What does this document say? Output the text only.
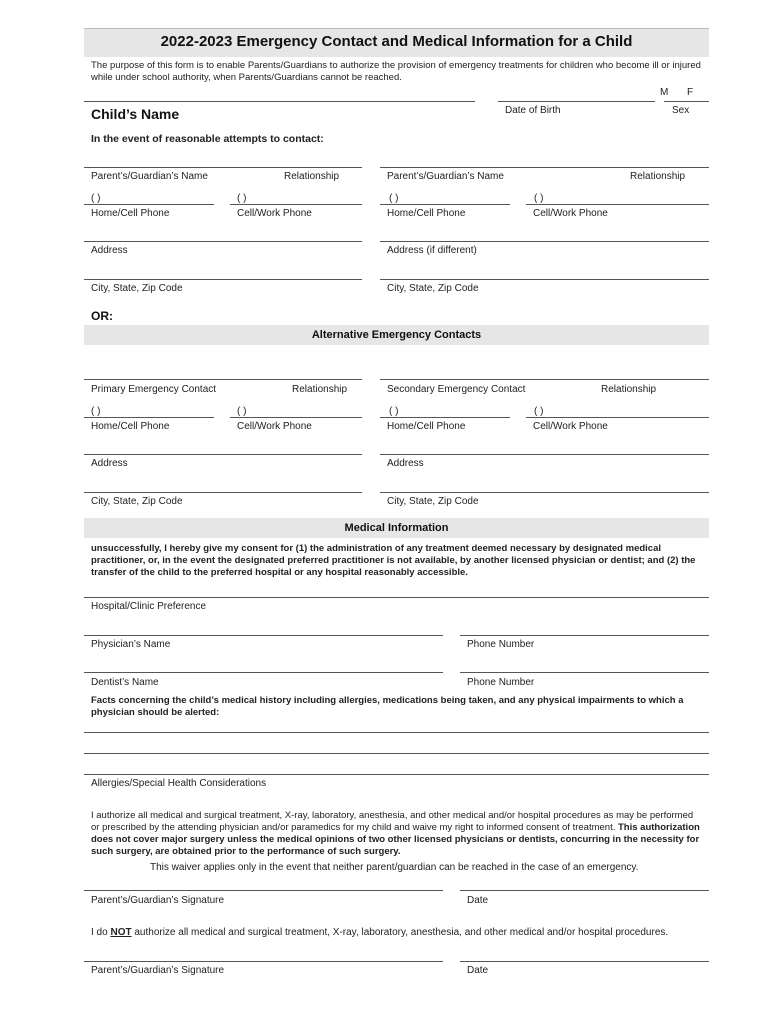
2022-2023 Emergency Contact and Medical Information for a Child
The purpose of this form is to enable Parents/Guardians to authorize the provision of emergency treatments for children who become ill or injured while under school authority, when Parents/Guardians cannot be reached.
M F
Child’s Name	Date of Birth	Sex
In the event of reasonable attempts to contact:
Parent’s/Guardian’s Name	Relationship	Parent’s/Guardian’s Name	Relationship
( )	( )	( )	( )
Home/Cell Phone	Cell/Work Phone	Home/Cell Phone	Cell/Work Phone
Address	Address (if different)
City, State, Zip Code	City, State, Zip Code
OR:
Alternative Emergency Contacts
Primary Emergency Contact	Relationship	Secondary Emergency Contact	Relationship
( )	( )	( )	( )
Home/Cell Phone	Cell/Work Phone	Home/Cell Phone	Cell/Work Phone
Address	Address
City, State, Zip Code	City, State, Zip Code
Medical Information
unsuccessfully, I hereby give my consent for (1) the administration of any treatment deemed necessary by designated medical practitioner, or, in the event the designated preferred practitioner is not available, by another licensed physician or dentist; and (2) the transfer of the child to the preferred hospital or any hospital reasonably accessible.
Hospital/Clinic Preference
Physician’s Name	Phone Number
Dentist’s Name	Phone Number
Facts concerning the child’s medical history including allergies, medications being taken, and any physical impairments to which a physician should be alerted:
Allergies/Special Health Considerations
I authorize all medical and surgical treatment, X-ray, laboratory, anesthesia, and other medical and/or hospital procedures as may be performed or prescribed by the attending physician and/or paramedics for my child and waive my right to informed consent of treatment. This authorization does not cover major surgery unless the medical opinions of two other licensed physicians or dentists, concurring in the necessity for such surgery, are obtained prior to the performance of such surgery.
This waiver applies only in the event that neither parent/guardian can be reached in the case of an emergency.
Parent’s/Guardian’s Signature	Date
I do NOT authorize all medical and surgical treatment, X-ray, laboratory, anesthesia, and other medical and/or hospital procedures.
Parent’s/Guardian’s Signature	Date
